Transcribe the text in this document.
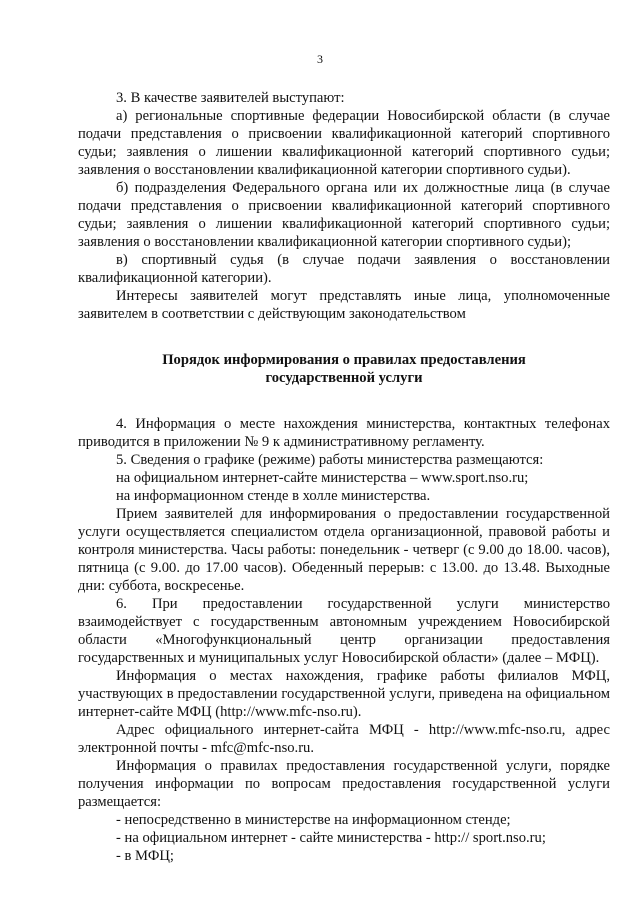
3

3. В качестве заявителей выступают:

а) региональные спортивные федерации Новосибирской области (в случае подачи представления о присвоении квалификационной категорий спортивного судьи; заявления о лишении квалификационной категорий спортивного судьи; заявления о восстановлении квалификационной категории спортивного судьи).

б) подразделения Федерального органа или их должностные лица (в случае подачи представления о присвоении квалификационной категорий спортивного судьи; заявления о лишении квалификационной категорий спортивного судьи; заявления о восстановлении квалификационной категории спортивного судьи);

в) спортивный судья (в случае подачи заявления о восстановлении квалификационной категории).

Интересы заявителей могут представлять иные лица, уполномоченные заявителем в соответствии с действующим законодательством

Порядок информирования о правилах предоставления
государственной услуги

4. Информация о месте нахождения министерства, контактных телефонах приводится в приложении № 9 к административному регламенту.

5. Сведения о графике (режиме) работы министерства размещаются:

на официальном интернет-сайте министерства – www.sport.nso.ru;

на информационном стенде в холле министерства.

Прием заявителей для информирования о предоставлении государственной услуги осуществляется специалистом отдела организационной, правовой работы и контроля министерства. Часы работы: понедельник - четверг (с 9.00 до 18.00. часов), пятница (с 9.00. до 17.00 часов). Обеденный перерыв: с 13.00. до 13.48. Выходные дни: суббота, воскресенье.

6. При предоставлении государственной услуги министерство взаимодействует с государственным автономным учреждением Новосибирской области «Многофункциональный центр организации предоставления государственных и муниципальных услуг Новосибирской области» (далее – МФЦ).

Информация о местах нахождения, графике работы филиалов МФЦ, участвующих в предоставлении государственной услуги, приведена на официальном интернет-сайте МФЦ (http://www.mfc-nso.ru).

Адрес официального интернет-сайта МФЦ - http://www.mfc-nso.ru, адрес электронной почты - mfc@mfc-nso.ru.

Информация о правилах предоставления государственной услуги, порядке получения информации по вопросам предоставления государственной услуги размещается:

- непосредственно в министерстве на информационном стенде;

- на официальном интернет - сайте министерства - http:// sport.nso.ru;

- в МФЦ;
